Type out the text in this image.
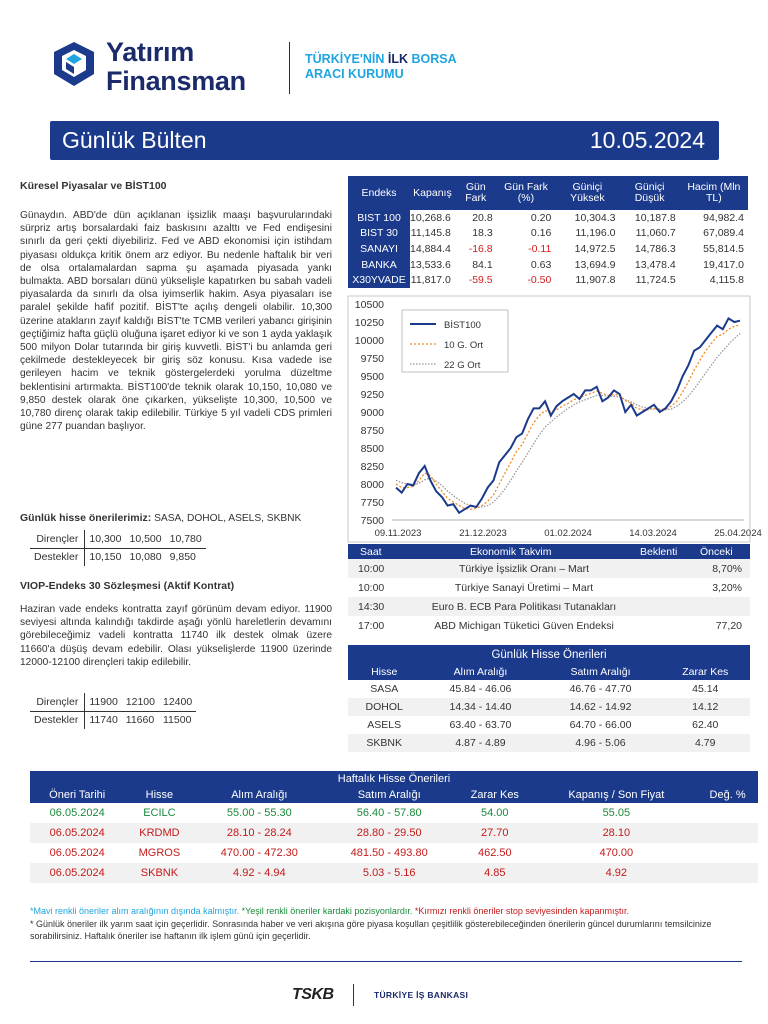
Yatırım
Finansman
TÜRKİYE'NİN İLK BORSA
ARACI KURUMU
Günlük Bülten	10.05.2024
Küresel Piyasalar ve BİST100
Günaydın. ABD'de dün açıklanan işsizlik maaşı başvurularındaki sürpriz artış borsalardaki faiz baskısını azalttı ve Fed endişesini sınırlı da geri çekti diyebiliriz. Fed ve ABD ekonomisi için istihdam piyasası oldukça kritik önem arz ediyor. Bu nedenle haftalık bir veri de olsa ortalamalardan sapma şu aşamada piyasada yankı bulmakta. ABD borsaları dünü yükselişle kapatırken bu sabah vadeli piyasalarda da sınırlı da olsa iyimserlik hakim. Asya piyasaları ise paralel şekilde hafif pozitif. BİST'te açılış dengeli olabilir. 10,300 üzerine atakların zayıf kaldığı BİST'te TCMB verileri yabancı girişinin geçtiğimiz hafta güçlü oluğuna işaret ediyor ki ve son 1 ayda yaklaşık 500 milyon Dolar tutarında bir giriş kuvvetli. BİST'i bu anlamda geri çekilmede destekleyecek bir giriş söz konusu. Kısa vadede ise gerileyen hacim ve teknik göstergelerdeki yorulma düzeltme beklentisini artırmakta. BİST100'de teknik olarak 10,150, 10,080 ve 9,850 destek olarak öne çıkarken, yükselişte 10,300, 10,500 ve 10,780 direnç olarak takip edilebilir. Türkiye 5 yıl vadeli CDS primleri güne 277 puandan başlıyor.
Günlük hisse önerilerimiz: SASA, DOHOL, ASELS, SKBNK
Dirençler	10,300	10,500	10,780
Destekler	10,150	10,080	9,850
VIOP-Endeks 30 Sözleşmesi (Aktif Kontrat)
Haziran vade endeks kontratta zayıf görünüm devam ediyor. 11900 seviyesi altında kalındığı takdirde aşağı yönlü hareletlerin devamını görebileceğimiz vadeli kontratta 11740 ilk destek olmak üzere 11660'a düşüş devam edebilir. Olası yükselişlerde 11900 üzerinde 12000-12100 dirençleri takip edilebilir.
Dirençler	11900	12100	12400
Destekler	11740	11660	11500
Endeks	Kapanış	Gün Fark	Gün Fark (%)	Güniçi Yüksek	Güniçi Düşük	Hacim (Mln TL)
BIST 100	10,268.6	20.8	0.20	10,304.3	10,187.8	94,982.4
BIST 30	11,145.8	18.3	0.16	11,196.0	11,060.7	67,089.4
SANAYI	14,884.4	-16.8	-0.11	14,972.5	14,786.3	55,814.5
BANKA	13,533.6	84.1	0.63	13,694.9	13,478.4	19,417.0
X30YVADE	11,817.0	-59.5	-0.50	11,907.8	11,724.5	4,115.8
10500
10250
10000
9750
9500
9250
9000
8750
8500
8250
8000
7750
7500
09.11.2023	21.12.2023	01.02.2024	14.03.2024	25.04.2024
BİST100
10 G. Ort
22 G Ort
Saat	Ekonomik Takvim	Beklenti	Önceki
10:00	Türkiye İşsizlik Oranı – Mart		8,70%
10:00	Türkiye Sanayi Üretimi – Mart		3,20%
14:30	Euro B. ECB Para Politikası Tutanakları		
17:00	ABD Michigan Tüketici Güven Endeksi		77,20
Günlük Hisse Önerileri			
Hisse	Alım Aralığı	Satım Aralığı	Zarar Kes
SASA	45.84 - 46.06	46.76 - 47.70	45.14
DOHOL	14.34 - 14.40	14.62 - 14.92	14.12
ASELS	63.40 - 63.70	64.70 - 66.00	62.40
SKBNK	4.87 - 4.89	4.96 - 5.06	4.79
Haftalık Hisse Önerileri						
Öneri Tarihi	Hisse	Alım Aralığı	Satım Aralığı	Zarar Kes	Kapanış / Son Fiyat	Değ. %
06.05.2024	ECILC	55.00 - 55.30	56.40 - 57.80	54.00	55.05	
06.05.2024	KRDMD	28.10 - 28.24	28.80 - 29.50	27.70	28.10	
06.05.2024	MGROS	470.00 - 472.30	481.50 - 493.80	462.50	470.00	
06.05.2024	SKBNK	4.92 - 4.94	5.03 - 5.16	4.85	4.92	
*Mavi renkli öneriler alım aralığının dışında kalmıştır. *Yeşil renkli öneriler kardaki pozisyonlardır. *Kırmızı renkli öneriler stop seviyesinden kapanmıştır.
* Günlük öneriler ilk yarım saat için geçerlidir. Sonrasında haber ve veri akışına göre piyasa koşulları çeşitlilik gösterebileceğinden önerilerin güncel durumlarını temsilcinize sorabilirsiniz. Haftalık öneriler ise haftanın ilk işlem günü için geçerlidir.
TSKB	TÜRKİYE İŞ BANKASI
